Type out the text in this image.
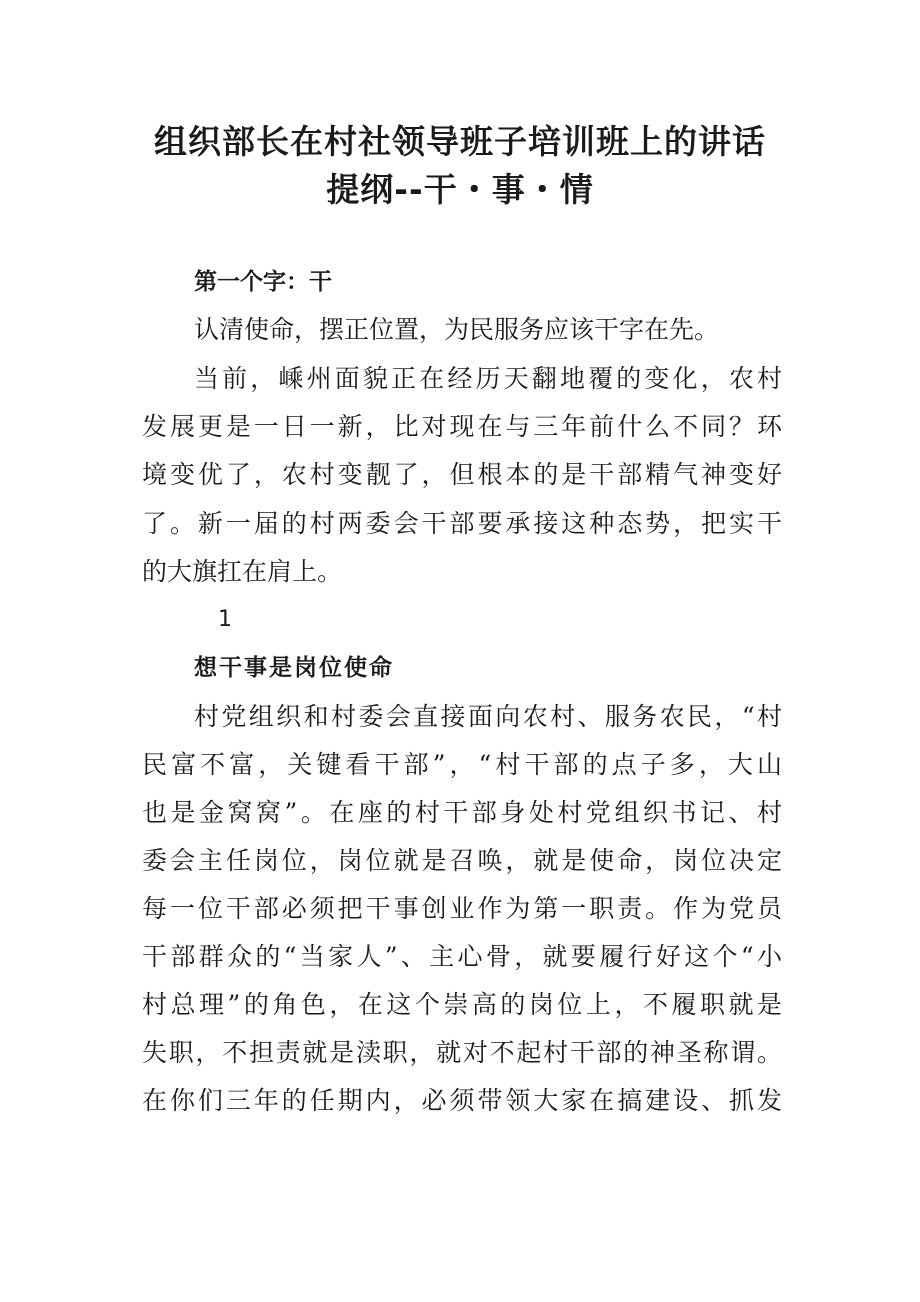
组织部长在村社领导班子培训班上的讲话
提纲--干・事・情
第一个字：干
认清使命，摆正位置，为民服务应该干字在先。
当前，嵊州面貌正在经历天翻地覆的变化，农村
发展更是一日一新，比对现在与三年前什么不同？环
境变优了，农村变靓了，但根本的是干部精气神变好
了。新一届的村两委会干部要承接这种态势，把实干
的大旗扛在肩上。
1
想干事是岗位使命
村党组织和村委会直接面向农村、服务农民，“村
民富不富，关键看干部”，“村干部的点子多，大山
也是金窝窝”。在座的村干部身处村党组织书记、村
委会主任岗位，岗位就是召唤，就是使命，岗位决定
每一位干部必须把干事创业作为第一职责。作为党员
干部群众的“当家人”、主心骨，就要履行好这个“小
村总理”的角色，在这个崇高的岗位上，不履职就是
失职，不担责就是渎职，就对不起村干部的神圣称谓。
在你们三年的任期内，必须带领大家在搞建设、抓发
